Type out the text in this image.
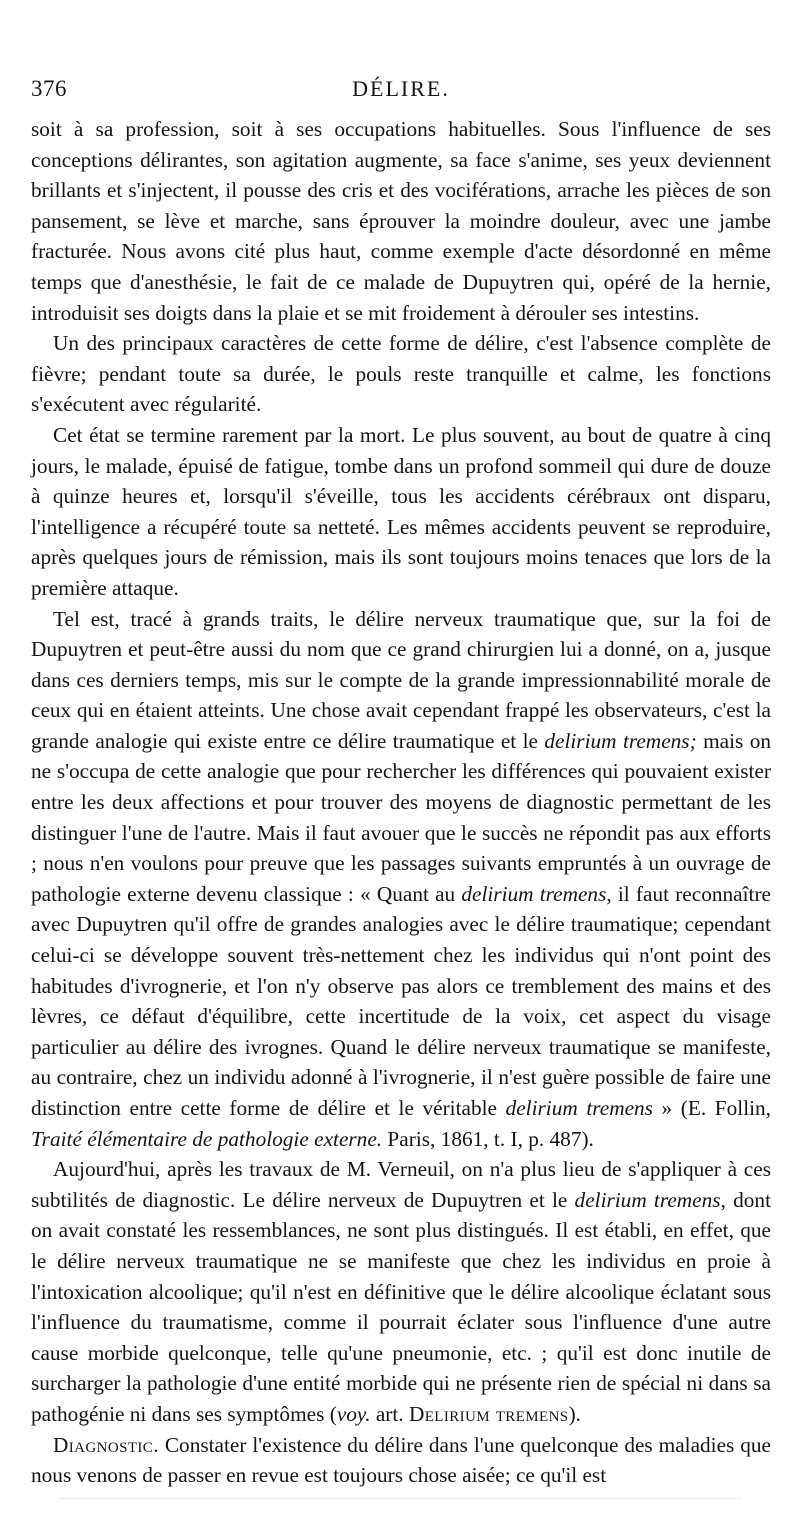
376	DÉLIRE.

soit à sa profession, soit à ses occupations habituelles. Sous l'influence de ses conceptions délirantes, son agitation augmente, sa face s'anime, ses yeux deviennent brillants et s'injectent, il pousse des cris et des vociférations, arrache les pièces de son pansement, se lève et marche, sans éprouver la moindre douleur, avec une jambe fracturée. Nous avons cité plus haut, comme exemple d'acte désordonné en même temps que d'anesthésie, le fait de ce malade de Dupuytren qui, opéré de la hernie, introduisit ses doigts dans la plaie et se mit froidement à dérouler ses intestins.

Un des principaux caractères de cette forme de délire, c'est l'absence complète de fièvre; pendant toute sa durée, le pouls reste tranquille et calme, les fonctions s'exécutent avec régularité.

Cet état se termine rarement par la mort. Le plus souvent, au bout de quatre à cinq jours, le malade, épuisé de fatigue, tombe dans un profond sommeil qui dure de douze à quinze heures et, lorsqu'il s'éveille, tous les accidents cérébraux ont disparu, l'intelligence a récupéré toute sa netteté. Les mêmes accidents peuvent se reproduire, après quelques jours de rémission, mais ils sont toujours moins tenaces que lors de la première attaque.

Tel est, tracé à grands traits, le délire nerveux traumatique que, sur la foi de Dupuytren et peut-être aussi du nom que ce grand chirurgien lui a donné, on a, jusque dans ces derniers temps, mis sur le compte de la grande impressionnabilité morale de ceux qui en étaient atteints. Une chose avait cependant frappé les observateurs, c'est la grande analogie qui existe entre ce délire traumatique et le delirium tremens; mais on ne s'occupa de cette analogie que pour rechercher les différences qui pouvaient exister entre les deux affections et pour trouver des moyens de diagnostic permettant de les distinguer l'une de l'autre. Mais il faut avouer que le succès ne répondit pas aux efforts ; nous n'en voulons pour preuve que les passages suivants empruntés à un ouvrage de pathologie externe devenu classique : « Quant au delirium tremens, il faut reconnaître avec Dupuytren qu'il offre de grandes analogies avec le délire traumatique; cependant celui-ci se développe souvent très-nettement chez les individus qui n'ont point des habitudes d'ivrognerie, et l'on n'y observe pas alors ce tremblement des mains et des lèvres, ce défaut d'équilibre, cette incertitude de la voix, cet aspect du visage particulier au délire des ivrognes. Quand le délire nerveux traumatique se manifeste, au contraire, chez un individu adonné à l'ivrognerie, il n'est guère possible de faire une distinction entre cette forme de délire et le véritable delirium tremens » (E. Follin, Traité élémentaire de pathologie externe. Paris, 1861, t. I, p. 487).

Aujourd'hui, après les travaux de M. Verneuil, on n'a plus lieu de s'appliquer à ces subtilités de diagnostic. Le délire nerveux de Dupuytren et le delirium tremens, dont on avait constaté les ressemblances, ne sont plus distingués. Il est établi, en effet, que le délire nerveux traumatique ne se manifeste que chez les individus en proie à l'intoxication alcoolique; qu'il n'est en définitive que le délire alcoolique éclatant sous l'influence du traumatisme, comme il pourrait éclater sous l'influence d'une autre cause morbide quelconque, telle qu'une pneumonie, etc. ; qu'il est donc inutile de surcharger la pathologie d'une entité morbide qui ne présente rien de spécial ni dans sa pathogénie ni dans ses symptômes (voy. art. Delirium tremens).

Diagnostic. Constater l'existence du délire dans l'une quelconque des maladies que nous venons de passer en revue est toujours chose aisée; ce qu'il est
